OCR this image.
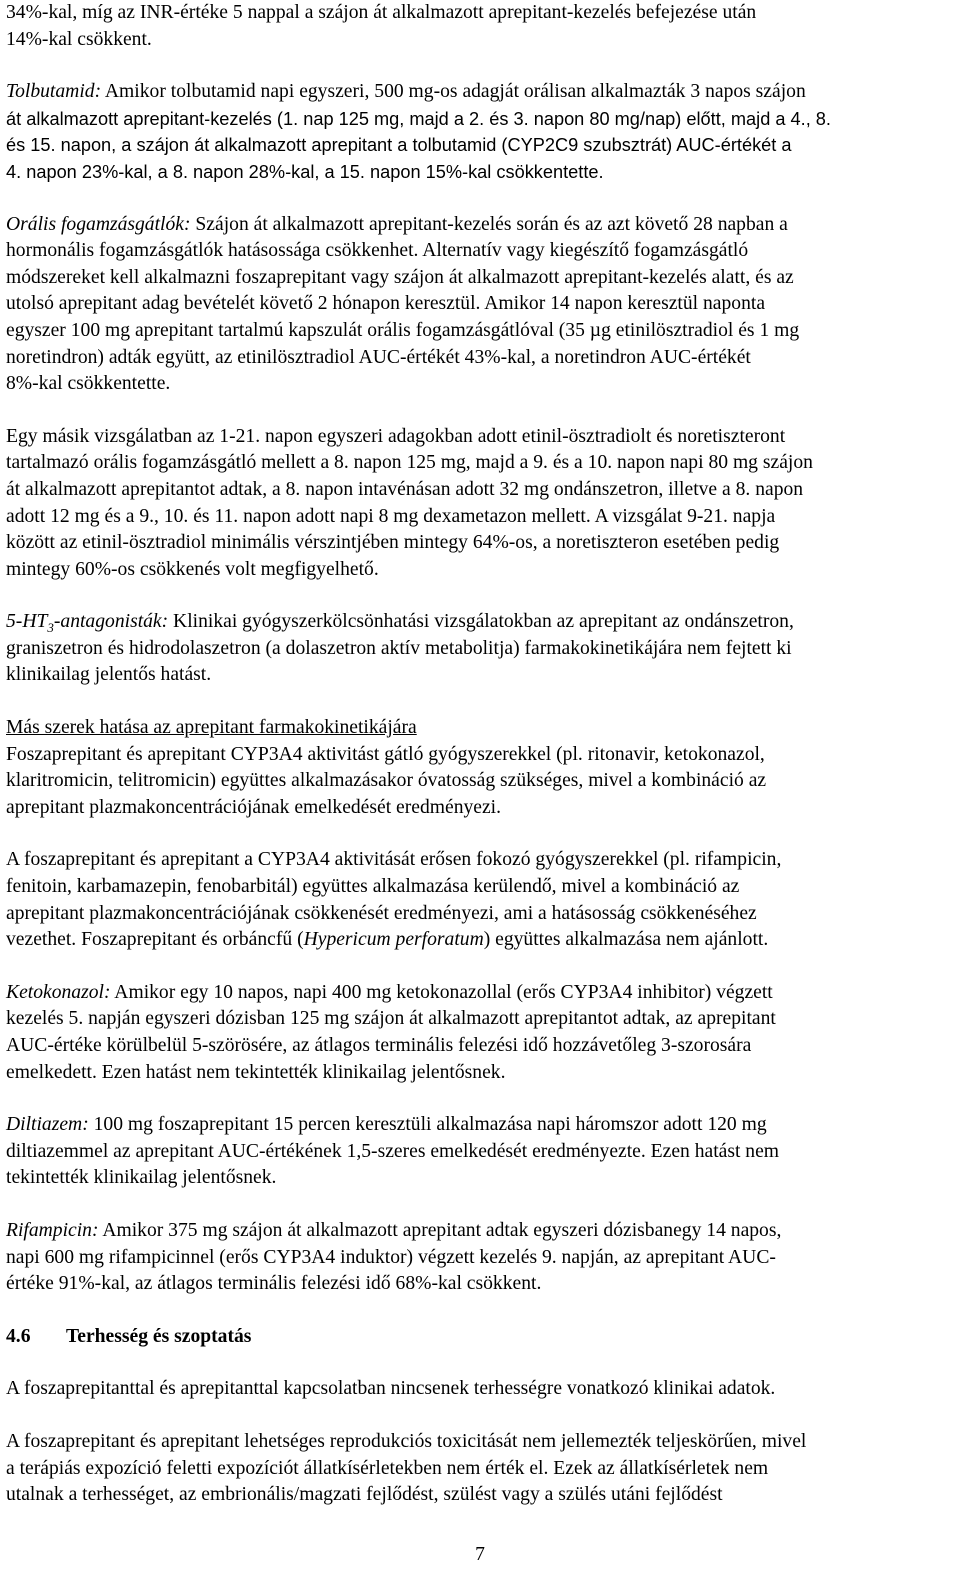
34%-kal, míg az INR-értéke 5 nappal a szájon át alkalmazott aprepitant-kezelés befejezése után

14%-kal csökkent.

Tolbutamid: Amikor tolbutamid napi egyszeri, 500 mg-os adagját orálisan alkalmazták 3 napos szájon

át alkalmazott aprepitant-kezelés (1. nap 125 mg, majd a 2. és 3. napon 80 mg/nap) előtt, majd a 4., 8.

és 15. napon, a szájon át alkalmazott aprepitant a tolbutamid (CYP2C9 szubsztrát) AUC-értékét a

4. napon 23%-kal, a 8. napon 28%-kal, a 15. napon 15%-kal csökkentette.

Orális fogamzásgátlók: Szájon át alkalmazott aprepitant-kezelés során és az azt követő 28 napban a

hormonális fogamzásgátlók hatásossága csökkenhet. Alternatív vagy kiegészítő fogamzásgátló

módszereket kell alkalmazni foszaprepitant vagy szájon át alkalmazott aprepitant-kezelés alatt, és az

utolsó aprepitant adag bevételét követő 2 hónapon keresztül. Amikor 14 napon keresztül naponta

egyszer 100 mg aprepitant tartalmú kapszulát orális fogamzásgátlóval (35 µg etinilösztradiol és 1 mg

noretindron) adták együtt, az etinilösztradiol AUC-értékét 43%-kal, a noretindron AUC-értékét

8%-kal csökkentette.

Egy másik vizsgálatban az 1-21. napon egyszeri adagokban adott etinil-ösztradiolt és noretiszteront

tartalmazó orális fogamzásgátló mellett a 8. napon 125 mg, majd a 9. és a 10. napon napi 80 mg szájon

át alkalmazott aprepitantot adtak, a 8. napon intavénásan adott 32 mg ondánszetron, illetve a 8. napon

adott 12 mg és a 9., 10. és 11. napon adott napi 8 mg dexametazon mellett. A vizsgálat 9-21. napja

között az etinil-ösztradiol minimális vérszintjében mintegy 64%-os, a noretiszteron esetében pedig

mintegy 60%-os csökkenés volt megfigyelhető.

$5-HT_3$-antagonisták: Klinikai gyógyszerkölcsönhatási vizsgálatokban az aprepitant az ondánszetron,

graniszetron és hidrodolaszetron (a dolaszetron aktív metabolitja) farmakokinetikájára nem fejtett ki

klinikailag jelentős hatást.

Más szerek hatása az aprepitant farmakokinetikájára

Foszaprepitant és aprepitant CYP3A4 aktivitást gátló gyógyszerekkel (pl. ritonavir, ketokonazol,

klaritromicin, telitromicin) együttes alkalmazásakor óvatosság szükséges, mivel a kombináció az

aprepitant plazmakoncentrációjának emelkedését eredményezi.

A foszaprepitant és aprepitant a CYP3A4 aktivitását erősen fokozó gyógyszerekkel (pl. rifampicin,

fenitoin, karbamazepin, fenobarbitál) együttes alkalmazása kerülendő, mivel a kombináció az

aprepitant plazmakoncentrációjának csökkenését eredményezi, ami a hatásosság csökkenéséhez

vezethet. Foszaprepitant és orbáncfű (Hypericum perforatum) együttes alkalmazása nem ajánlott.

Ketokonazol: Amikor egy 10 napos, napi 400 mg ketokonazollal (erős CYP3A4 inhibitor) végzett

kezelés 5. napján egyszeri dózisban 125 mg szájon át alkalmazott aprepitantot adtak, az aprepitant

AUC-értéke körülbelül 5-szörösére, az átlagos terminális felezési idő hozzávetőleg 3-szorosára

emelkedett. Ezen hatást nem tekintették klinikailag jelentősnek.

Diltiazem: 100 mg foszaprepitant 15 percen keresztüli alkalmazása napi háromszor adott 120 mg

diltiazemmel az aprepitant AUC-értékének 1,5-szeres emelkedését eredményezte. Ezen hatást nem

tekintették klinikailag jelentősnek.

Rifampicin: Amikor 375 mg szájon át alkalmazott aprepitant adtak egyszeri dózisbanegy 14 napos,

napi 600 mg rifampicinnel (erős CYP3A4 induktor) végzett kezelés 9. napján, az aprepitant AUC-

értéke 91%-kal, az átlagos terminális felezési idő 68%-kal csökkent.

4.6 Terhesség és szoptatás

A foszaprepitanttal és aprepitanttal kapcsolatban nincsenek terhességre vonatkozó klinikai adatok.

A foszaprepitant és aprepitant lehetséges reprodukciós toxicitását nem jellemezték teljeskörűen, mivel

a terápiás expozíció feletti expozíciót állatkísérletekben nem érték el. Ezek az állatkísérletek nem

utalnak a terhességet, az embrionális/magzati fejlődést, szülést vagy a szülés utáni fejlődést

7
